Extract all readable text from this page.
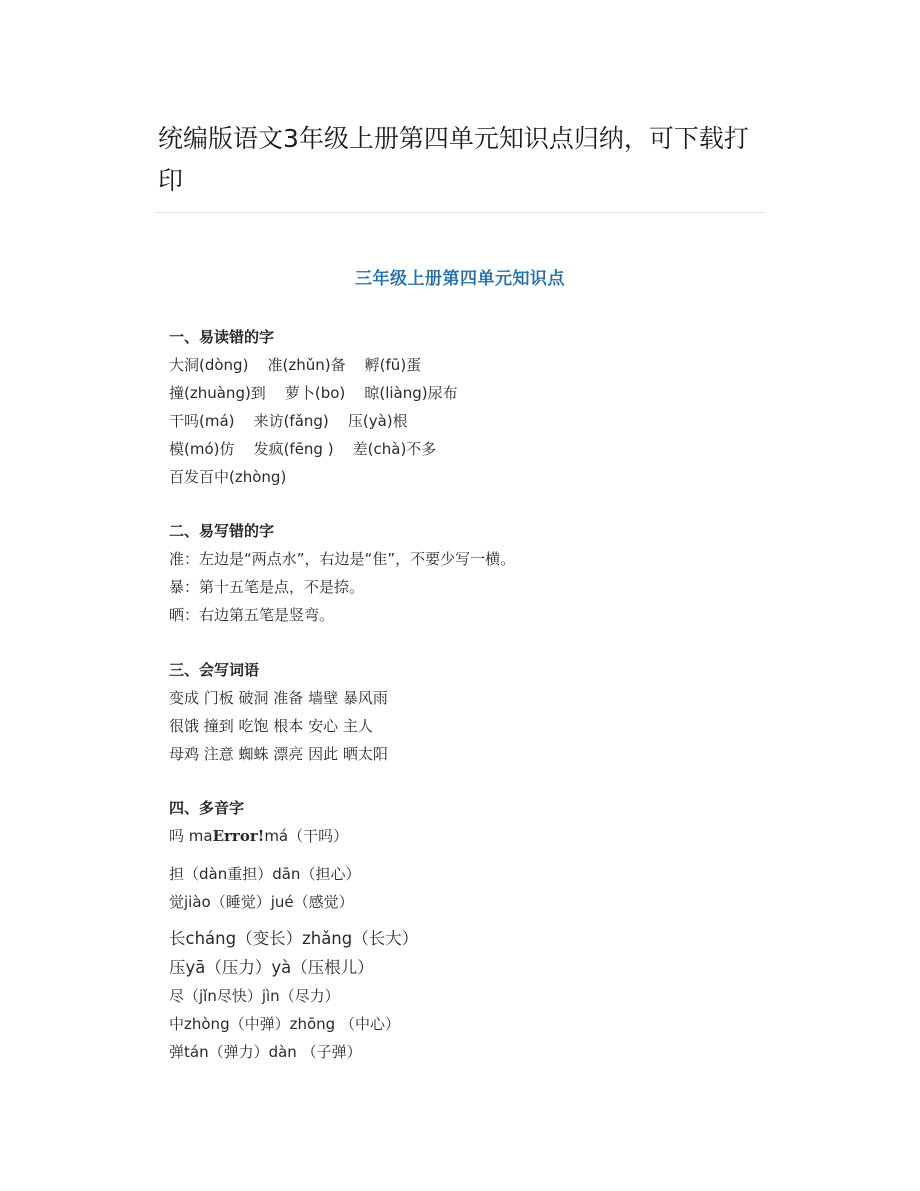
统编版语文3年级上册第四单元知识点归纳，可下载打印
三年级上册第四单元知识点
一、易读错的字
大洞(dòng)    准(zhǔn)备    孵(fū)蛋
撞(zhuàng)到    萝卜(bo)    晾(liàng)尿布
干吗(má)    来访(fǎng)    压(yà)根
模(mó)仿    发疯(fēng )    差(chà)不多
百发百中(zhòng)
二、易写错的字
准：左边是“两点水”，右边是“隹”，不要少写一横。
暴：第十五笔是点，不是捺。
晒：右边第五笔是竖弯。
三、会写词语
变成 门板 破洞 准备 墙壁 暴风雨
很饿 撞到 吃饱 根本 安心 主人
母鸡 注意 蜘蛛 漂亮 因此 晒太阳
四、多音字
吗 maError!má（干吗）
担（dàn重担）dān（担心）
觉jiào（睡觉）jué（感觉）
长cháng（变长）zhǎng（长大）
压yā（压力）yà（压根儿）
尽（jǐn尽快）jìn（尽力）
中zhòng（中弹）zhōng （中心）
弹tán（弹力）dàn （子弹）
